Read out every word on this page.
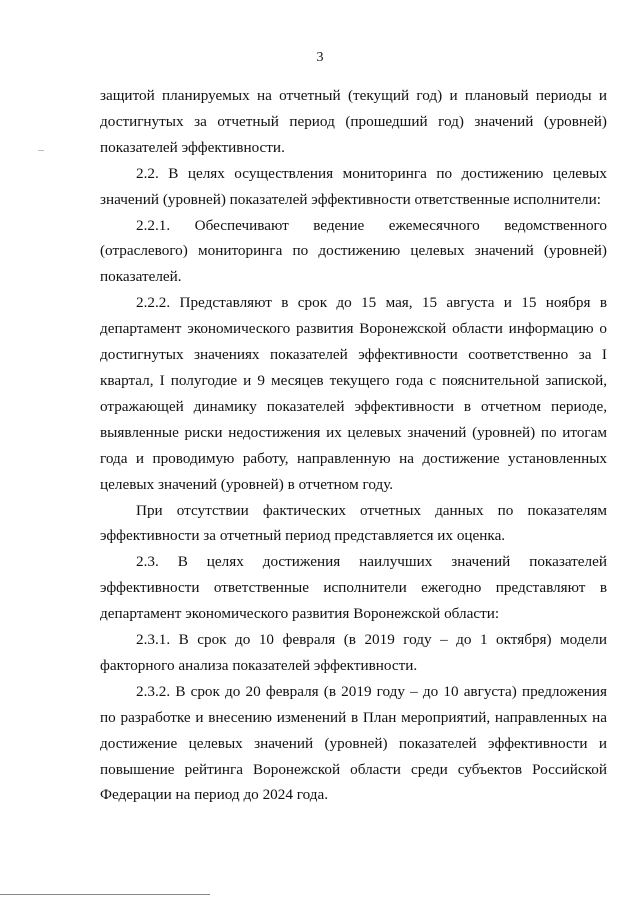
3

защитой планируемых на отчетный (текущий год) и плановый периоды и достигнутых за отчетный период (прошедший год) значений (уровней) показателей эффективности.

2.2. В целях осуществления мониторинга по достижению целевых значений (уровней) показателей эффективности ответственные исполнители:

2.2.1. Обеспечивают ведение ежемесячного ведомственного (отраслевого) мониторинга по достижению целевых значений (уровней) показателей.

2.2.2. Представляют в срок до 15 мая, 15 августа и 15 ноября в департамент экономического развития Воронежской области информацию о достигнутых значениях показателей эффективности соответственно за I квартал, I полугодие и 9 месяцев текущего года с пояснительной запиской, отражающей динамику показателей эффективности в отчетном периоде, выявленные риски недостижения их целевых значений (уровней) по итогам года и проводимую работу, направленную на достижение установленных целевых значений (уровней) в отчетном году.

При отсутствии фактических отчетных данных по показателям эффективности за отчетный период представляется их оценка.

2.3. В целях достижения наилучших значений показателей эффективности ответственные исполнители ежегодно представляют в департамент экономического развития Воронежской области:

2.3.1. В срок до 10 февраля (в 2019 году – до 1 октября) модели факторного анализа показателей эффективности.

2.3.2. В срок до 20 февраля (в 2019 году – до 10 августа) предложения по разработке и внесению изменений в План мероприятий, направленных на достижение целевых значений (уровней) показателей эффективности и повышение рейтинга Воронежской области среди субъектов Российской Федерации на период до 2024 года.
